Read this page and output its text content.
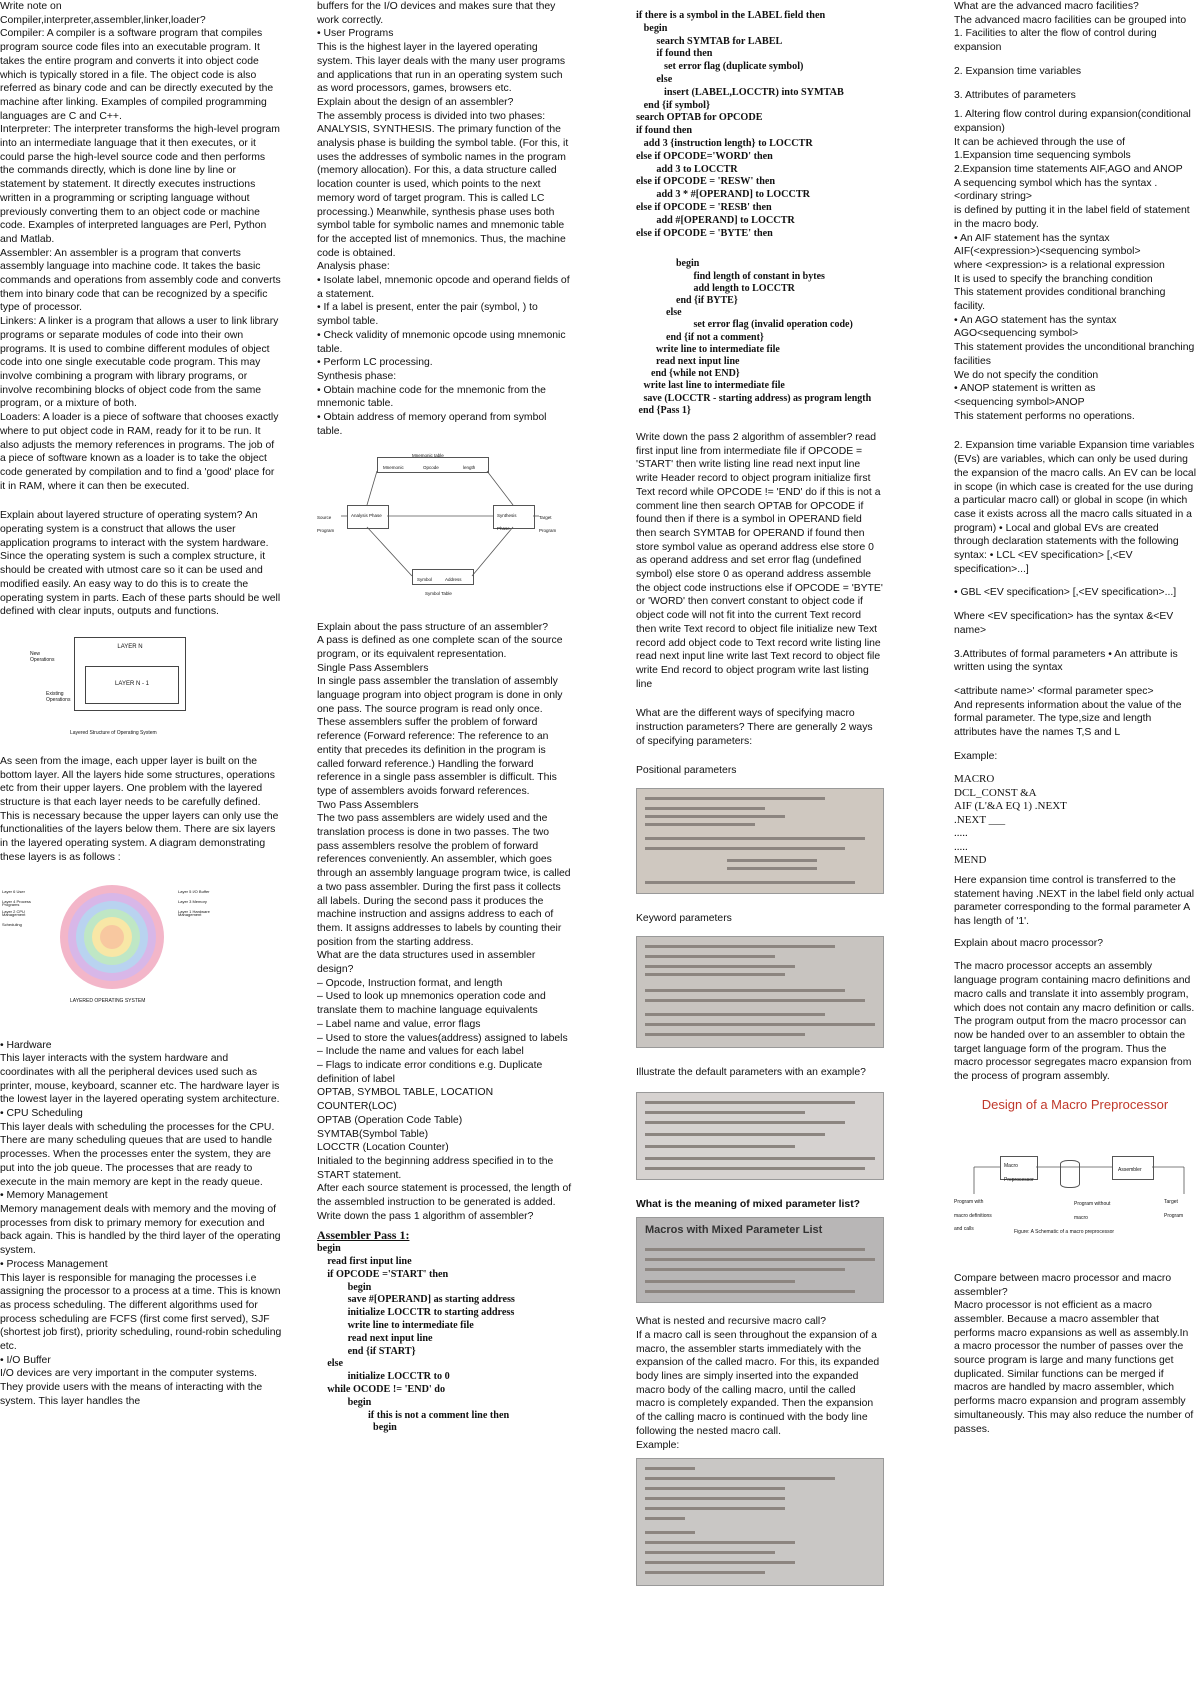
Write note on
Compiler,interpreter,assembler,linker,loader?
Compiler: A compiler is a software program that compiles program source code files into an executable program. It takes the entire program and converts it into object code which is typically stored in a file. The object code is also referred as binary code and can be directly executed by the machine after linking. Examples of compiled programming languages are C and C++.
Interpreter: The interpreter transforms the high-level program into an intermediate language that it then executes, or it could parse the high-level source code and then performs the commands directly, which is done line by line or statement by statement. It directly executes instructions written in a programming or scripting language without previously converting them to an object code or machine code. Examples of interpreted languages are Perl, Python and Matlab.
Assembler: An assembler is a program that converts assembly language into machine code. It takes the basic commands and operations from assembly code and converts them into binary code that can be recognized by a specific type of processor.
Linkers: A linker is a program that allows a user to link library programs or separate modules of code into their own programs. It is used to combine different modules of object code into one single executable code program. This may involve combining a program with library programs, or involve recombining blocks of object code from the same program, or a mixture of both.
Loaders: A loader is a piece of software that chooses exactly where to put object code in RAM, ready for it to be run. It also adjusts the memory references in programs. The job of a piece of software known as a loader is to take the object code generated by compilation and to find a 'good' place for it in RAM, where it can then be executed.
Explain about layered structure of operating system? An operating system is a construct that allows the user application programs to interact with the system hardware. Since the operating system is such a complex structure, it should be created with utmost care so it can be used and modified easily. An easy way to do this is to create the operating system in parts. Each of these parts should be well defined with clear inputs, outputs and functions.
LAYER N
LAYER N - 1
New Operations
Existing Operations
Layered Structure of Operating System
As seen from the image, each upper layer is built on the bottom layer. All the layers hide some structures, operations etc from their upper layers. One problem with the layered structure is that each layer needs to be carefully defined. This is necessary because the upper layers can only use the functionalities of the layers below them. There are six layers in the layered operating system. A diagram demonstrating these layers is as follows :
Layer 6 User Programs
Layer 4 Process Management
Layer 2 CPU Scheduling
Layer 5 I/O Buffer
Layer 3 Memory Management
Layer 1 Hardware
LAYERED OPERATING SYSTEM
• Hardware
This layer interacts with the system hardware and coordinates with all the peripheral devices used such as printer, mouse, keyboard, scanner etc. The hardware layer is the lowest layer in the layered operating system architecture.
• CPU Scheduling
This layer deals with scheduling the processes for the CPU. There are many scheduling queues that are used to handle processes. When the processes enter the system, they are put into the job queue. The processes that are ready to execute in the main memory are kept in the ready queue.
• Memory Management
Memory management deals with memory and the moving of processes from disk to primary memory for execution and back again. This is handled by the third layer of the operating system.
• Process Management
This layer is responsible for managing the processes i.e assigning the processor to a process at a time. This is known as process scheduling. The different algorithms used for process scheduling are FCFS (first come first served), SJF (shortest job first), priority scheduling, round-robin scheduling etc.
• I/O Buffer
I/O devices are very important in the computer systems. They provide users with the means of interacting with the system. This layer handles the
buffers for the I/O devices and makes sure that they work correctly.
• User Programs
This is the highest layer in the layered operating system. This layer deals with the many user programs and applications that run in an operating system such as word processors, games, browsers etc.
Explain about the design of an assembler?
The assembly process is divided into two phases: ANALYSIS, SYNTHESIS. The primary function of the analysis phase is building the symbol table. (For this, it uses the addresses of symbolic names in the program (memory allocation). For this, a data structure called location counter is used, which points to the next memory word of target program. This is called LC processing.) Meanwhile, synthesis phase uses both symbol table for symbolic names and mnemonic table for the accepted list of mnemonics. Thus, the machine code is obtained.
Analysis phase:
• Isolate label, mnemonic opcode and operand fields of a statement.
• If a label is present, enter the pair (symbol, ) to symbol table.
• Check validity of mnemonic opcode using mnemonic table.
• Perform LC processing.
Synthesis phase:
• Obtain machine code for the mnemonic from the mnemonic table.
• Obtain address of memory operand from symbol table.
Mnemonic table
Mnemonic	Opcode	length
Source Program
Analysis Phase	Synthesis Phase
Target Program
Symbol	Address
Symbol Table
Explain about the pass structure of an assembler?
A pass is defined as one complete scan of the source program, or its equivalent representation.
Single Pass Assemblers
In single pass assembler the translation of assembly language program into object program is done in only one pass. The source program is read only once. These assemblers suffer the problem of forward reference (Forward reference: The reference to an entity that precedes its definition in the program is called forward reference.) Handling the forward reference in a single pass assembler is difficult. This type of assemblers avoids forward references.
Two Pass Assemblers
The two pass assemblers are widely used and the translation process is done in two passes. The two pass assemblers resolve the problem of forward references conveniently. An assembler, which goes through an assembly language program twice, is called a two pass assembler. During the first pass it collects all labels. During the second pass it produces the machine instruction and assigns address to each of them. It assigns addresses to labels by counting their position from the starting address.
What are the data structures used in assembler design?
– Opcode, Instruction format, and length
– Used to look up mnemonics operation code and translate them to machine language equivalents
– Label name and value, error flags
– Used to store the values(address) assigned to labels
– Include the name and values for each label
– Flags to indicate error conditions e.g. Duplicate definition of label
OPTAB, SYMBOL TABLE, LOCATION COUNTER(LOC)
OPTAB (Operation Code Table)
SYMTAB(Symbol Table)
LOCCTR (Location Counter)
Initialed to the beginning address specified in to the START statement.
After each source statement is processed, the length of the assembled instruction to be generated is added.
Write down the pass 1 algorithm of assembler?
Assembler Pass 1:
begin
read first input line
if OPCODE ='START' then
begin
save #[OPERAND] as starting address
initialize LOCCTR to starting address
write line to intermediate file
read next input line
end {if START}
else
initialize LOCCTR to 0
while OCODE != 'END' do
begin
if this is not a comment line then
begin
if there is a symbol in the LABEL field then
begin
search SYMTAB for LABEL
if found then
set error flag (duplicate symbol)
else
insert (LABEL,LOCCTR) into SYMTAB
end {if symbol}
search OPTAB for OPCODE
if found then
add 3 {instruction length} to LOCCTR
else if OPCODE='WORD' then
add 3 to LOCCTR
else if OPCODE = 'RESW' then
add 3 * #[OPERAND] to LOCCTR
else if OPCODE = 'RESB' then
add #[OPERAND] to LOCCTR
else if OPCODE = 'BYTE' then
begin
find length of constant in bytes
add length to LOCCTR
end {if BYTE}
else
set error flag (invalid operation code)
end {if not a comment}
write line to intermediate file
read next input line
end {while not END}
write last line to intermediate file
save (LOCCTR - starting address) as program length
end {Pass 1}
Write down the pass 2 algorithm of assembler? read first input line from intermediate file if OPCODE = 'START' then write listing line read next input line write Header record to object program initialize first Text record while OPCODE != 'END' do if this is not a comment line then search OPTAB for OPCODE if found then if there is a symbol in OPERAND field then search SYMTAB for OPERAND if found then store symbol value as operand address else store 0 as operand address and set error flag (undefined symbol) else store 0 as operand address assemble the object code instructions else if OPCODE = 'BYTE' or 'WORD' then convert constant to object code if object code will not fit into the current Text record then write Text record to object file initialize new Text record add object code to Text record write listing line read next input line write last Text record to object file write End record to object program write last listing line
What are the different ways of specifying macro instruction parameters? There are generally 2 ways of specifying parameters:
Positional parameters
Keyword parameters
Illustrate the default parameters with an example?
What is the meaning of mixed parameter list?
Macros with Mixed Parameter List
What is nested and recursive macro call?
If a macro call is seen throughout the expansion of a macro, the assembler starts immediately with the expansion of the called macro. For this, its expanded body lines are simply inserted into the expanded macro body of the calling macro, until the called macro is completely expanded. Then the expansion of the calling macro is continued with the body line following the nested macro call.
Example:
What are the advanced macro facilities?
The advanced macro facilities can be grouped into
1. Facilities to alter the flow of control during expansion
2. Expansion time variables
3. Attributes of parameters
1. Altering flow control during expansion(conditional expansion)
It can be achieved through the use of
1.Expansion time sequencing symbols
2.Expansion time statements AIF,AGO and ANOP
A sequencing symbol which has the syntax .<ordinary string>
is defined by putting it in the label field of statement in the macro body.
• An AIF statement has the syntax
AIF(<expression>)<sequencing symbol>
where <expression> is a relational expression
It is used to specify the branching condition
This statement provides conditional branching facility.
• An AGO statement has the syntax
AGO<sequencing symbol>
This statement provides the unconditional branching facilities
We do not specify the condition
• ANOP statement is written as
<sequencing symbol>ANOP
This statement performs no operations.
2. Expansion time variable Expansion time variables (EVs) are variables, which can only be used during the expansion of the macro calls. An EV can be local in scope (in which case is created for the use during a particular macro call) or global in scope (in which case it exists across all the macro calls situated in a program) • Local and global EVs are created through declaration statements with the following syntax: • LCL <EV specification> [,<EV specification>...]
• GBL <EV specification> [,<EV specification>...]
Where <EV specification> has the syntax &<EV name>
3.Attributes of formal parameters • An attribute is written using the syntax
<attribute name>' <formal parameter spec>
And represents information about the value of the formal parameter. The type,size and length attributes have the names T,S and L
Example:
MACRO
DCL_CONST &A
AIF (L'&A EQ 1) .NEXT
.NEXT ___
.....
.....
MEND
Here expansion time control is transferred to the statement having .NEXT in the label field only actual parameter corresponding to the formal parameter A has length of '1'.
Explain about macro processor?
The macro processor accepts an assembly language program containing macro definitions and macro calls and translate it into assembly program, which does not contain any macro definition or calls. The program output from the macro processor can now be handed over to an assembler to obtain the target language form of the program. Thus the macro processor segregates macro expansion from the process of program assembly.
Design of a Macro Preprocessor
Macro Preprocessor
Assembler
Program with macro definitions and calls
Program without macro
Target Program
Figure: A Schematic of a macro preprocessor
Compare between macro processor and macro assembler?
Macro processor is not efficient as a macro assembler. Because a macro assembler that performs macro expansions as well as assembly.In a macro processor the number of passes over the source program is large and many functions get duplicated. Similar functions can be merged if macros are handled by macro assembler, which performs macro expansion and program assembly simultaneously. This may also reduce the number of passes.
